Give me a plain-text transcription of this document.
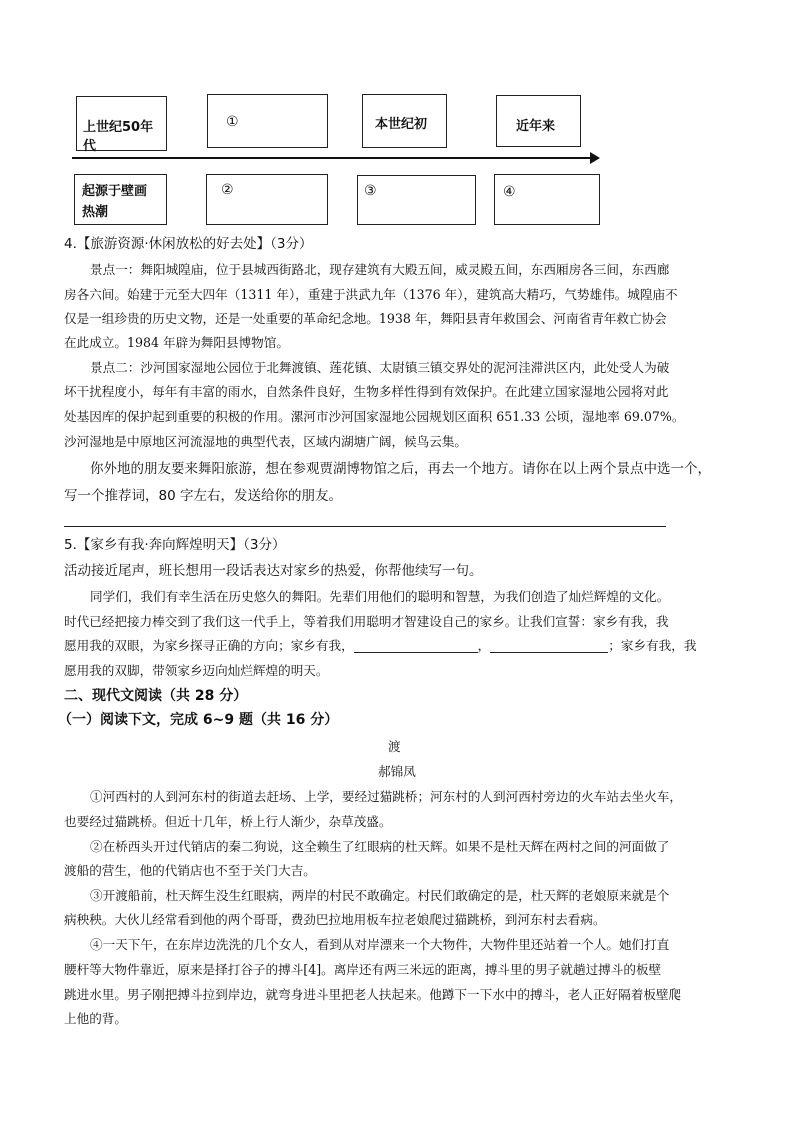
上世纪50年代
①	本世纪初	近年来
起源于壁画
热潮
②	③	④
4.【旅游资源·休闲放松的好去处】（3分）
景点一：舞阳城隍庙，位于县城西街路北，现存建筑有大殿五间，威灵殿五间，东西厢房各三间，东西廊
房各六间。始建于元至大四年（1311 年），重建于洪武九年（1376 年），建筑高大精巧，气势雄伟。城隍庙不
仅是一组珍贵的历史文物，还是一处重要的革命纪念地。1938 年，舞阳县青年救国会、河南省青年救亡协会
在此成立。1984 年辟为舞阳县博物馆。
景点二：沙河国家湿地公园位于北舞渡镇、莲花镇、太尉镇三镇交界处的泥河洼滞洪区内，此处受人为破
坏干扰程度小，每年有丰富的雨水，自然条件良好，生物多样性得到有效保护。在此建立国家湿地公园将对此
处基因库的保护起到重要的积极的作用。漯河市沙河国家湿地公园规划区面积 651.33 公顷，湿地率 69.07%。
沙河湿地是中原地区河流湿地的典型代表，区域内湖塘广阔，候鸟云集。
你外地的朋友要来舞阳旅游，想在参观贾湖博物馆之后，再去一个地方。请你在以上两个景点中选一个，
写一个推荐词，80 字左右，发送给你的朋友。
5.【家乡有我·奔向辉煌明天】（3分）
活动接近尾声，班长想用一段话表达对家乡的热爱，你帮他续写一句。
同学们，我们有幸生活在历史悠久的舞阳。先辈们用他们的聪明和智慧，为我们创造了灿烂辉煌的文化。
时代已经把接力棒交到了我们这一代手上，等着我们用聪明才智建设自己的家乡。让我们宣誓：家乡有我，我
愿用我的双眼，为家乡探寻正确的方向；家乡有我，	，	；家乡有我，我
愿用我的双脚，带领家乡迈向灿烂辉煌的明天。
二、现代文阅读（共 28 分）
（一）阅读下文，完成 6~9 题（共 16 分）
渡
郝锦凤
①河西村的人到河东村的街道去赶场、上学，要经过猫跳桥；河东村的人到河西村旁边的火车站去坐火车，
也要经过猫跳桥。但近十几年，桥上行人渐少，杂草茂盛。
②在桥西头开过代销店的秦二狗说，这全赖生了红眼病的杜天辉。如果不是杜天辉在两村之间的河面做了
渡船的营生，他的代销店也不至于关门大吉。
③开渡船前，杜天辉生没生红眼病，两岸的村民不敢确定。村民们敢确定的是，杜天辉的老娘原来就是个
病秧秧。大伙儿经常看到他的两个哥哥，费劲巴拉地用板车拉老娘爬过猫跳桥，到河东村去看病。
④一天下午，在东岸边洗洗的几个女人，看到从对岸漂来一个大物件，大物件里还站着一个人。她们打直
腰杆等大物件靠近，原来是择打谷子的搏斗[4]。离岸还有两三米远的距离，搏斗里的男子就趟过搏斗的板壁
跳进水里。男子刚把搏斗拉到岸边，就弯身进斗里把老人扶起来。他蹲下一下水中的搏斗，老人正好隔着板壁爬
上他的背。
